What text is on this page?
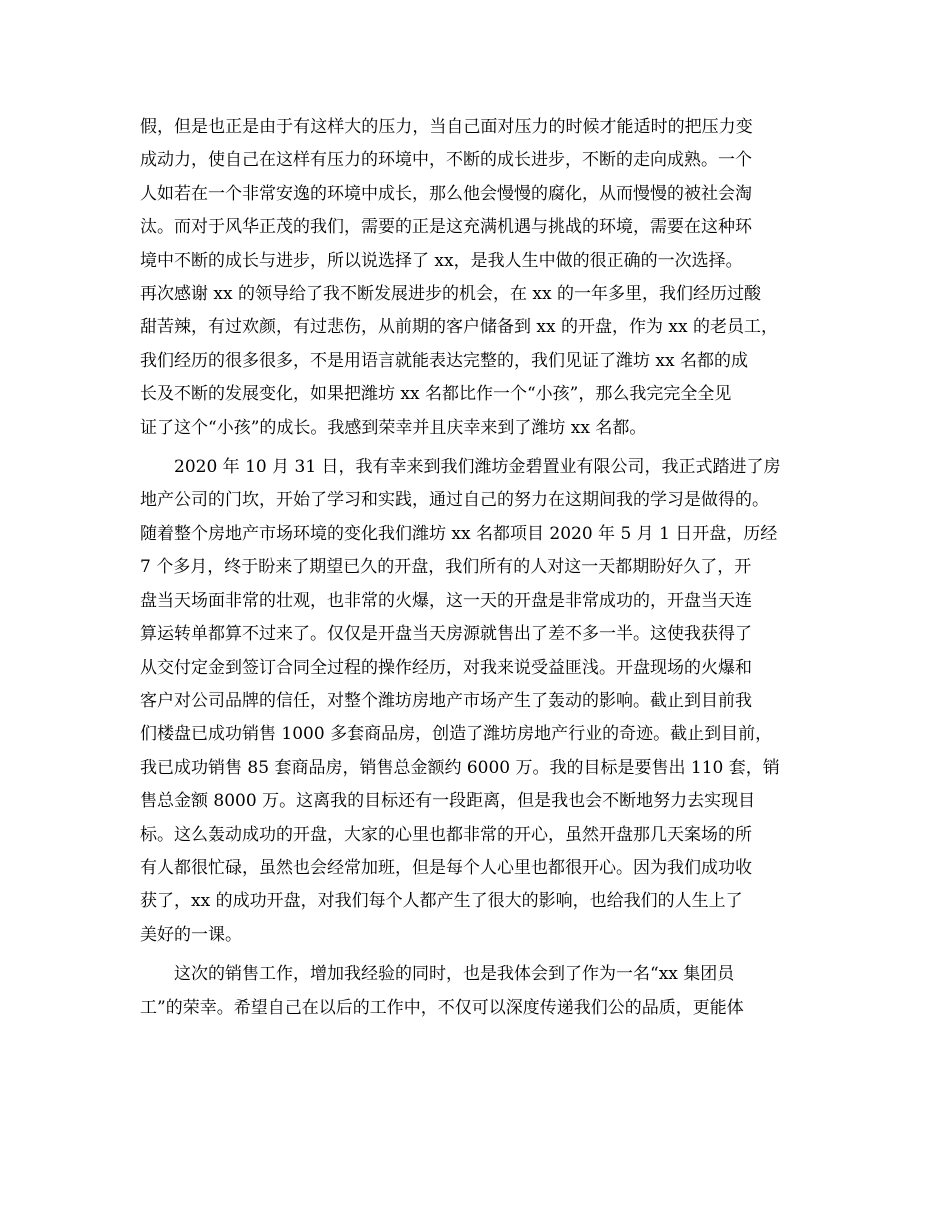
假，但是也正是由于有这样大的压力，当自己面对压力的时候才能适时的把压力变
成动力，使自己在这样有压力的环境中，不断的成长进步，不断的走向成熟。一个
人如若在一个非常安逸的环境中成长，那么他会慢慢的腐化，从而慢慢的被社会淘
汰。而对于风华正茂的我们，需要的正是这充满机遇与挑战的环境，需要在这种环
境中不断的成长与进步，所以说选择了 xx，是我人生中做的很正确的一次选择。
再次感谢 xx 的领导给了我不断发展进步的机会，在 xx 的一年多里，我们经历过酸
甜苦辣，有过欢颜，有过悲伤，从前期的客户储备到 xx 的开盘，作为 xx 的老员工，
我们经历的很多很多，不是用语言就能表达完整的，我们见证了潍坊 xx 名都的成
长及不断的发展变化，如果把潍坊 xx 名都比作一个“小孩”，那么我完完全全见
证了这个“小孩”的成长。我感到荣幸并且庆幸来到了潍坊 xx 名都。
2020 年 10 月 31 日，我有幸来到我们潍坊金碧置业有限公司，我正式踏进了房
地产公司的门坎，开始了学习和实践，通过自己的努力在这期间我的学习是做得的。
随着整个房地产市场环境的变化我们潍坊 xx 名都项目 2020 年 5 月 1 日开盘，历经
7 个多月，终于盼来了期望已久的开盘，我们所有的人对这一天都期盼好久了，开
盘当天场面非常的壮观，也非常的火爆，这一天的开盘是非常成功的，开盘当天连
算运转单都算不过来了。仅仅是开盘当天房源就售出了差不多一半。这使我获得了
从交付定金到签订合同全过程的操作经历，对我来说受益匪浅。开盘现场的火爆和
客户对公司品牌的信任，对整个潍坊房地产市场产生了轰动的影响。截止到目前我
们楼盘已成功销售 1000 多套商品房，创造了潍坊房地产行业的奇迹。截止到目前，
我已成功销售 85 套商品房，销售总金额约 6000 万。我的目标是要售出 110 套，销
售总金额 8000 万。这离我的目标还有一段距离，但是我也会不断地努力去实现目
标。这么轰动成功的开盘，大家的心里也都非常的开心，虽然开盘那几天案场的所
有人都很忙碌，虽然也会经常加班，但是每个人心里也都很开心。因为我们成功收
获了，xx 的成功开盘，对我们每个人都产生了很大的影响，也给我们的人生上了
美好的一课。
这次的销售工作，增加我经验的同时，也是我体会到了作为一名“xx 集团员
工”的荣幸。希望自己在以后的工作中，不仅可以深度传递我们公的品质，更能体
